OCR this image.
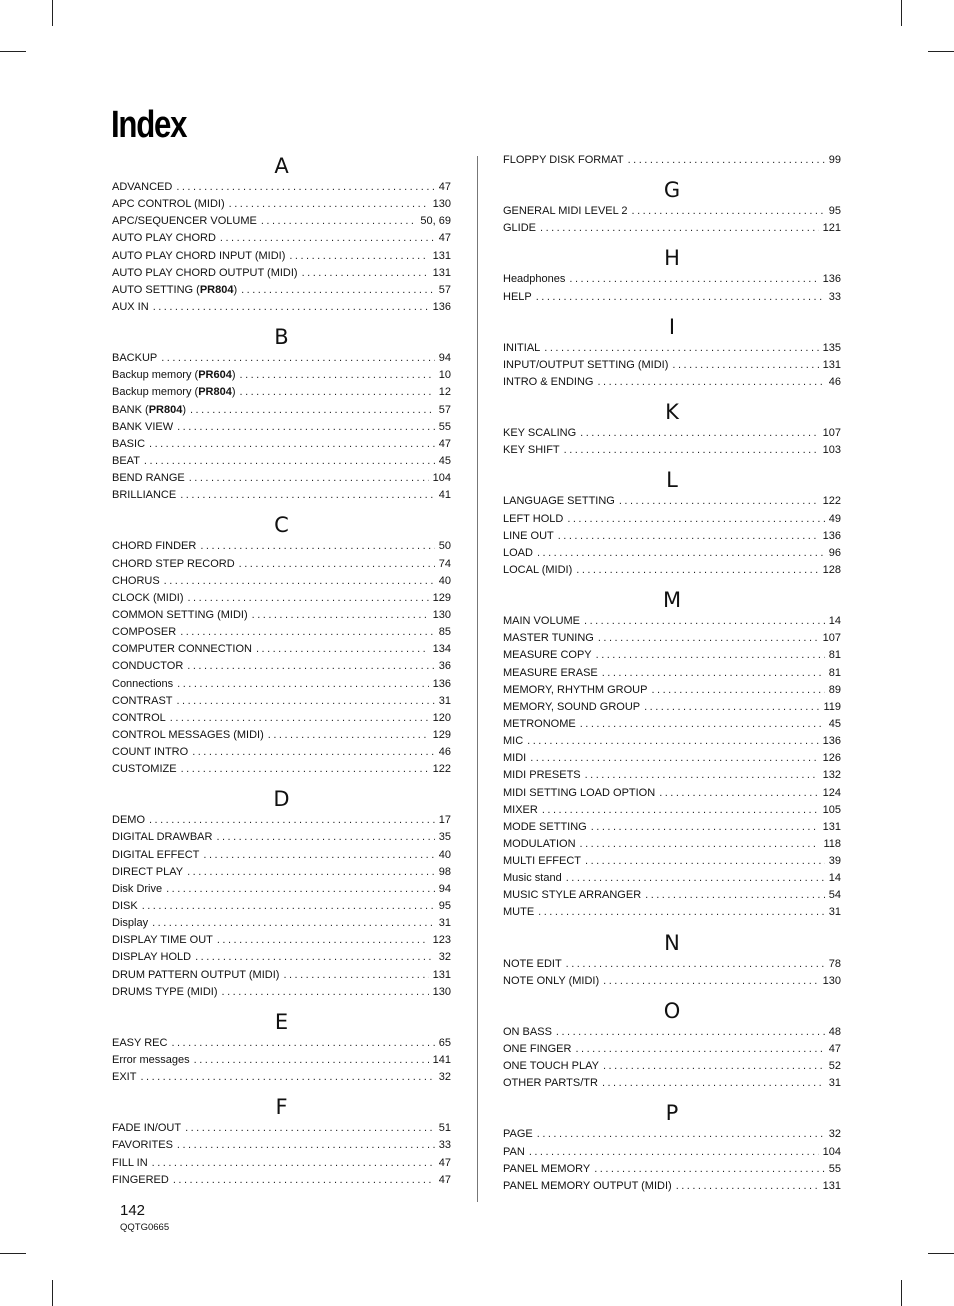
Index
A
ADVANCED .....	47
APC CONTROL (MIDI) .....	130
APC/SEQUENCER VOLUME .....	50, 69
AUTO PLAY CHORD .....	47
AUTO PLAY CHORD INPUT (MIDI) .....	131
AUTO PLAY CHORD OUTPUT (MIDI) .....	131
AUTO SETTING (PR804) .....	57
AUX IN .....	136
B
BACKUP .....	94
Backup memory (PR604) .....	10
Backup memory (PR804) .....	12
BANK (PR804) .....	57
BANK VIEW .....	55
BASIC .....	47
BEAT .....	45
BEND RANGE .....	104
BRILLIANCE .....	41
C
CHORD FINDER .....	50
CHORD STEP RECORD .....	74
CHORUS .....	40
CLOCK (MIDI) .....	129
COMMON SETTING (MIDI) .....	130
COMPOSER .....	85
COMPUTER CONNECTION .....	134
CONDUCTOR .....	36
Connections .....	136
CONTRAST .....	31
CONTROL .....	120
CONTROL MESSAGES (MIDI) .....	129
COUNT INTRO .....	46
CUSTOMIZE .....	122
D
DEMO .....	17
DIGITAL DRAWBAR .....	35
DIGITAL EFFECT .....	40
DIRECT PLAY .....	98
Disk Drive .....	94
DISK .....	95
Display .....	31
DISPLAY TIME OUT .....	123
DISPLAY HOLD .....	32
DRUM PATTERN OUTPUT (MIDI) .....	131
DRUMS TYPE (MIDI) .....	130
E
EASY REC .....	65
Error messages .....	141
EXIT .....	32
F
FADE IN/OUT .....	51
FAVORITES .....	33
FILL IN .....	47
FINGERED .....	47
FLOPPY DISK FORMAT .....	99
G
GENERAL MIDI LEVEL 2 .....	95
GLIDE .....	121
H
Headphones .....	136
HELP .....	33
I
INITIAL .....	135
INPUT/OUTPUT SETTING (MIDI) .....	131
INTRO & ENDING .....	46
K
KEY SCALING .....	107
KEY SHIFT .....	103
L
LANGUAGE SETTING .....	122
LEFT HOLD .....	49
LINE OUT .....	136
LOAD .....	96
LOCAL (MIDI) .....	128
M
MAIN VOLUME .....	14
MASTER TUNING .....	107
MEASURE COPY .....	81
MEASURE ERASE .....	81
MEMORY, RHYTHM GROUP .....	89
MEMORY, SOUND GROUP .....	119
METRONOME .....	45
MIC .....	136
MIDI .....	126
MIDI PRESETS .....	132
MIDI SETTING LOAD OPTION .....	124
MIXER .....	105
MODE SETTING .....	131
MODULATION .....	118
MULTI EFFECT .....	39
Music stand .....	14
MUSIC STYLE ARRANGER .....	54
MUTE .....	31
N
NOTE EDIT .....	78
NOTE ONLY (MIDI) .....	130
O
ON BASS .....	48
ONE FINGER .....	47
ONE TOUCH PLAY .....	52
OTHER PARTS/TR .....	31
P
PAGE .....	32
PAN .....	104
PANEL MEMORY .....	55
PANEL MEMORY OUTPUT (MIDI) .....	131
142
QQTG0665
